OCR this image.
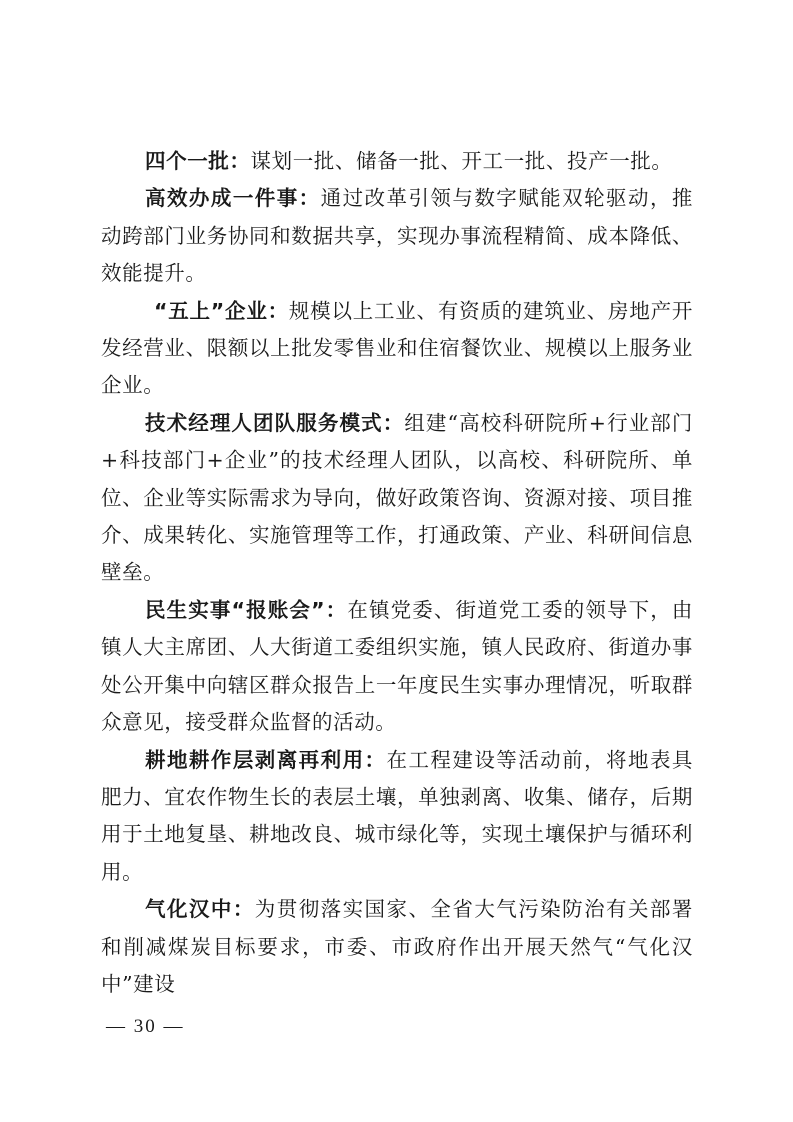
四个一批：谋划一批、储备一批、开工一批、投产一批。

高效办成一件事：通过改革引领与数字赋能双轮驱动，推动跨部门业务协同和数据共享，实现办事流程精简、成本降低、效能提升。

“五上”企业：规模以上工业、有资质的建筑业、房地产开发经营业、限额以上批发零售业和住宿餐饮业、规模以上服务业企业。

技术经理人团队服务模式：组建“高校科研院所+行业部门+科技部门+企业”的技术经理人团队，以高校、科研院所、单位、企业等实际需求为导向，做好政策咨询、资源对接、项目推介、成果转化、实施管理等工作，打通政策、产业、科研间信息壁垒。

民生实事“报账会”：在镇党委、街道党工委的领导下，由镇人大主席团、人大街道工委组织实施，镇人民政府、街道办事处公开集中向辖区群众报告上一年度民生实事办理情况，听取群众意见，接受群众监督的活动。

耕地耕作层剥离再利用：在工程建设等活动前，将地表具肥力、宜农作物生长的表层土壤，单独剥离、收集、储存，后期用于土地复垦、耕地改良、城市绿化等，实现土壤保护与循环利用。

气化汉中：为贯彻落实国家、全省大气污染防治有关部署和削减煤炭目标要求，市委、市政府作出开展天然气“气化汉中”建设

— 30 —
